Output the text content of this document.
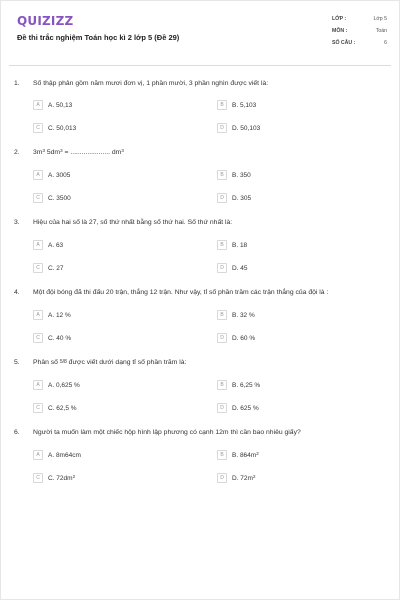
QUIZIZZ
Đề thi trắc nghiệm Toán học kì 2 lớp 5 (Đề 29)
LỚP :	Lớp 5
MÔN :	Toán
SỐ CÂU :	6
1. Số thập phân gồm năm mươi đơn vị, 1 phần mười, 3 phần nghìn được viết là:
A	A. 50,13	B	B. 5,103
C	C. 50,013	D	D. 50,103
2. $3m^3$ $5dm^3$ = ..................... $dm^3$
A	A. 3005	B	B. 350
C	C. 3500	D	D. 305
3. Hiệu của hai số là 27, số thứ nhất bằng số thứ hai. Số thứ nhất là:
A	A. 63	B	B. 18
C	C. 27	D	D. 45
4. Một đội bóng đã thi đấu 20 trận, thắng 12 trận. Như vậy, tỉ số phần trăm các trận thắng của đội là :
A	A. 12 %	B	B. 32 %
C	C. 40 %	D	D. 60 %
5. Phân số 5/8 được viết dưới dạng tỉ số phần trăm là:
A	A. 0,625 %	B	B. 6,25 %
C	C. 62,5 %	D	D. 625 %
6. Người ta muốn làm một chiếc hộp hình lập phương có cạnh 12m thì cần bao nhiêu giấy?
A	A. 8m64cm	B	B. $864m^2$
C	C. $72dm^2$	D	D. $72m^2$
